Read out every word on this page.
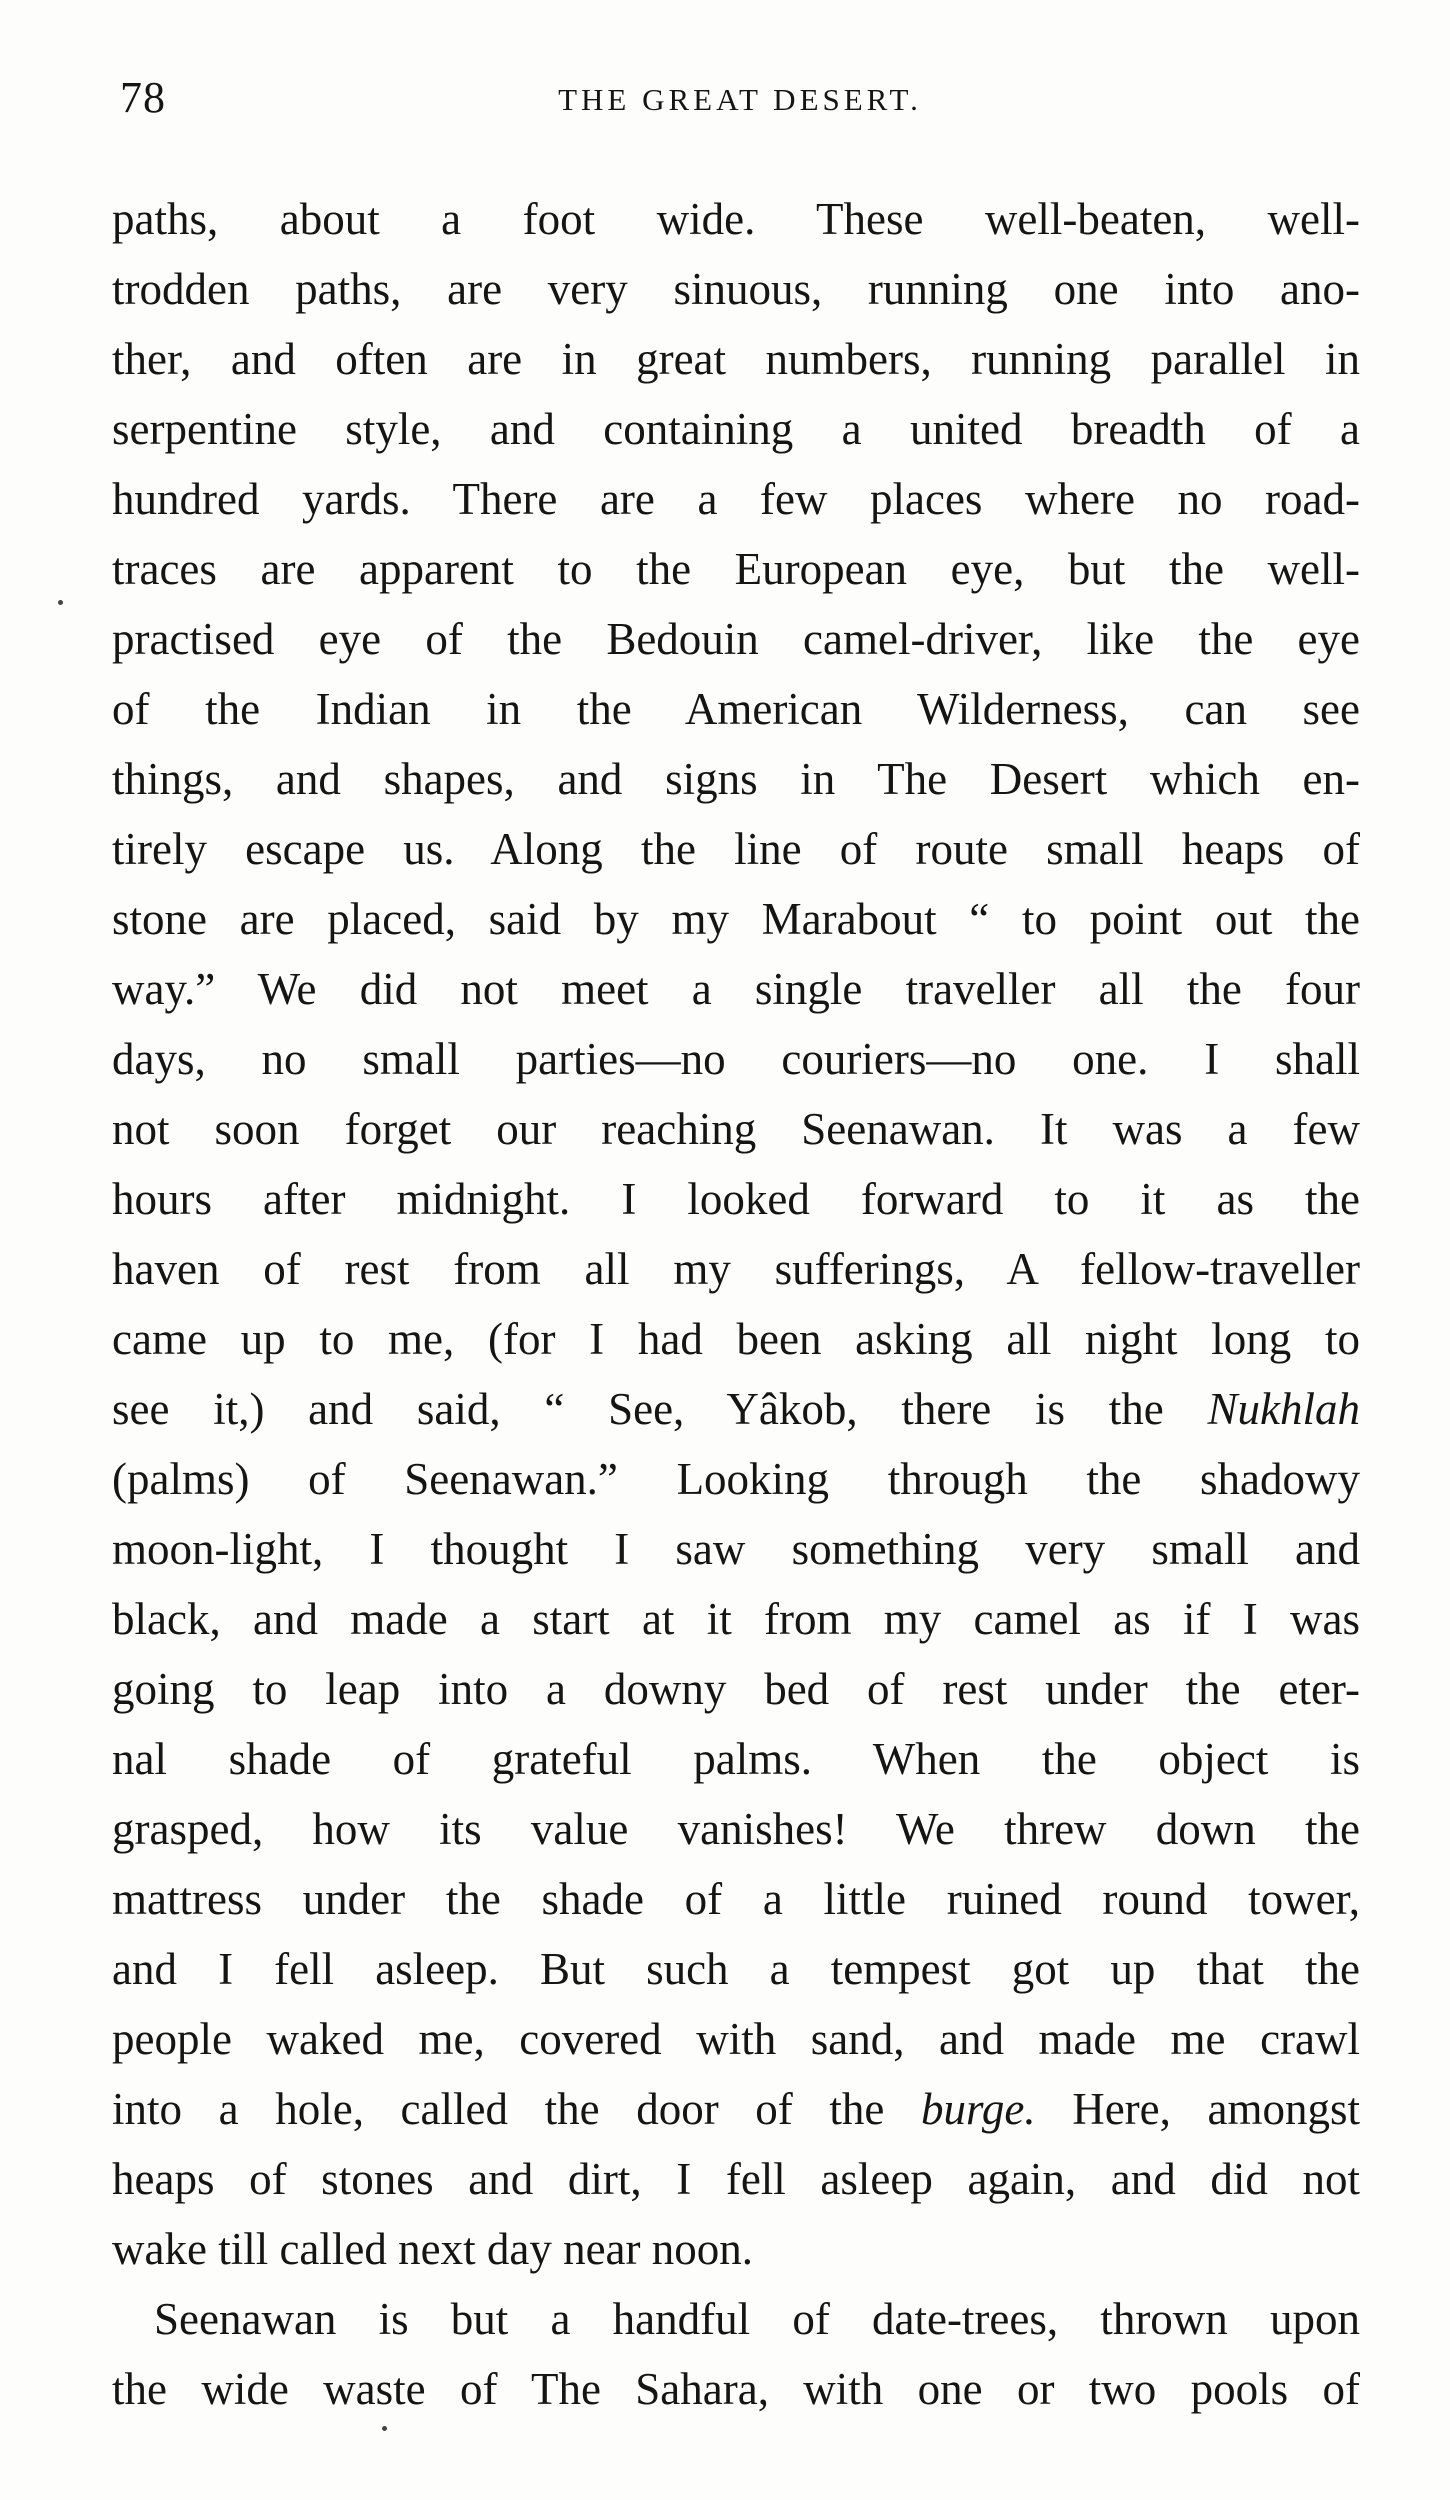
78	THE GREAT DESERT.
paths, about a foot wide. These well-beaten, well-
trodden paths, are very sinuous, running one into ano-
ther, and often are in great numbers, running parallel in
serpentine style, and containing a united breadth of a
hundred yards. There are a few places where no road-
traces are apparent to the European eye, but the well-
practised eye of the Bedouin camel-driver, like the eye
of the Indian in the American Wilderness, can see
things, and shapes, and signs in The Desert which en-
tirely escape us. Along the line of route small heaps of
stone are placed, said by my Marabout “ to point out the
way.” We did not meet a single traveller all the four
days, no small parties—no couriers—no one. I shall
not soon forget our reaching Seenawan. It was a few
hours after midnight. I looked forward to it as the
haven of rest from all my sufferings, A fellow-traveller
came up to me, (for I had been asking all night long to
see it,) and said, “ See, Yâkob, there is the Nukhlah
(palms) of Seenawan.” Looking through the shadowy
moon-light, I thought I saw something very small and
black, and made a start at it from my camel as if I was
going to leap into a downy bed of rest under the eter-
nal shade of grateful palms. When the object is
grasped, how its value vanishes! We threw down the
mattress under the shade of a little ruined round tower,
and I fell asleep. But such a tempest got up that the
people waked me, covered with sand, and made me crawl
into a hole, called the door of the burge. Here, amongst
heaps of stones and dirt, I fell asleep again, and did not
wake till called next day near noon.
Seenawan is but a handful of date-trees, thrown upon
the wide waste of The Sahara, with one or two pools of
